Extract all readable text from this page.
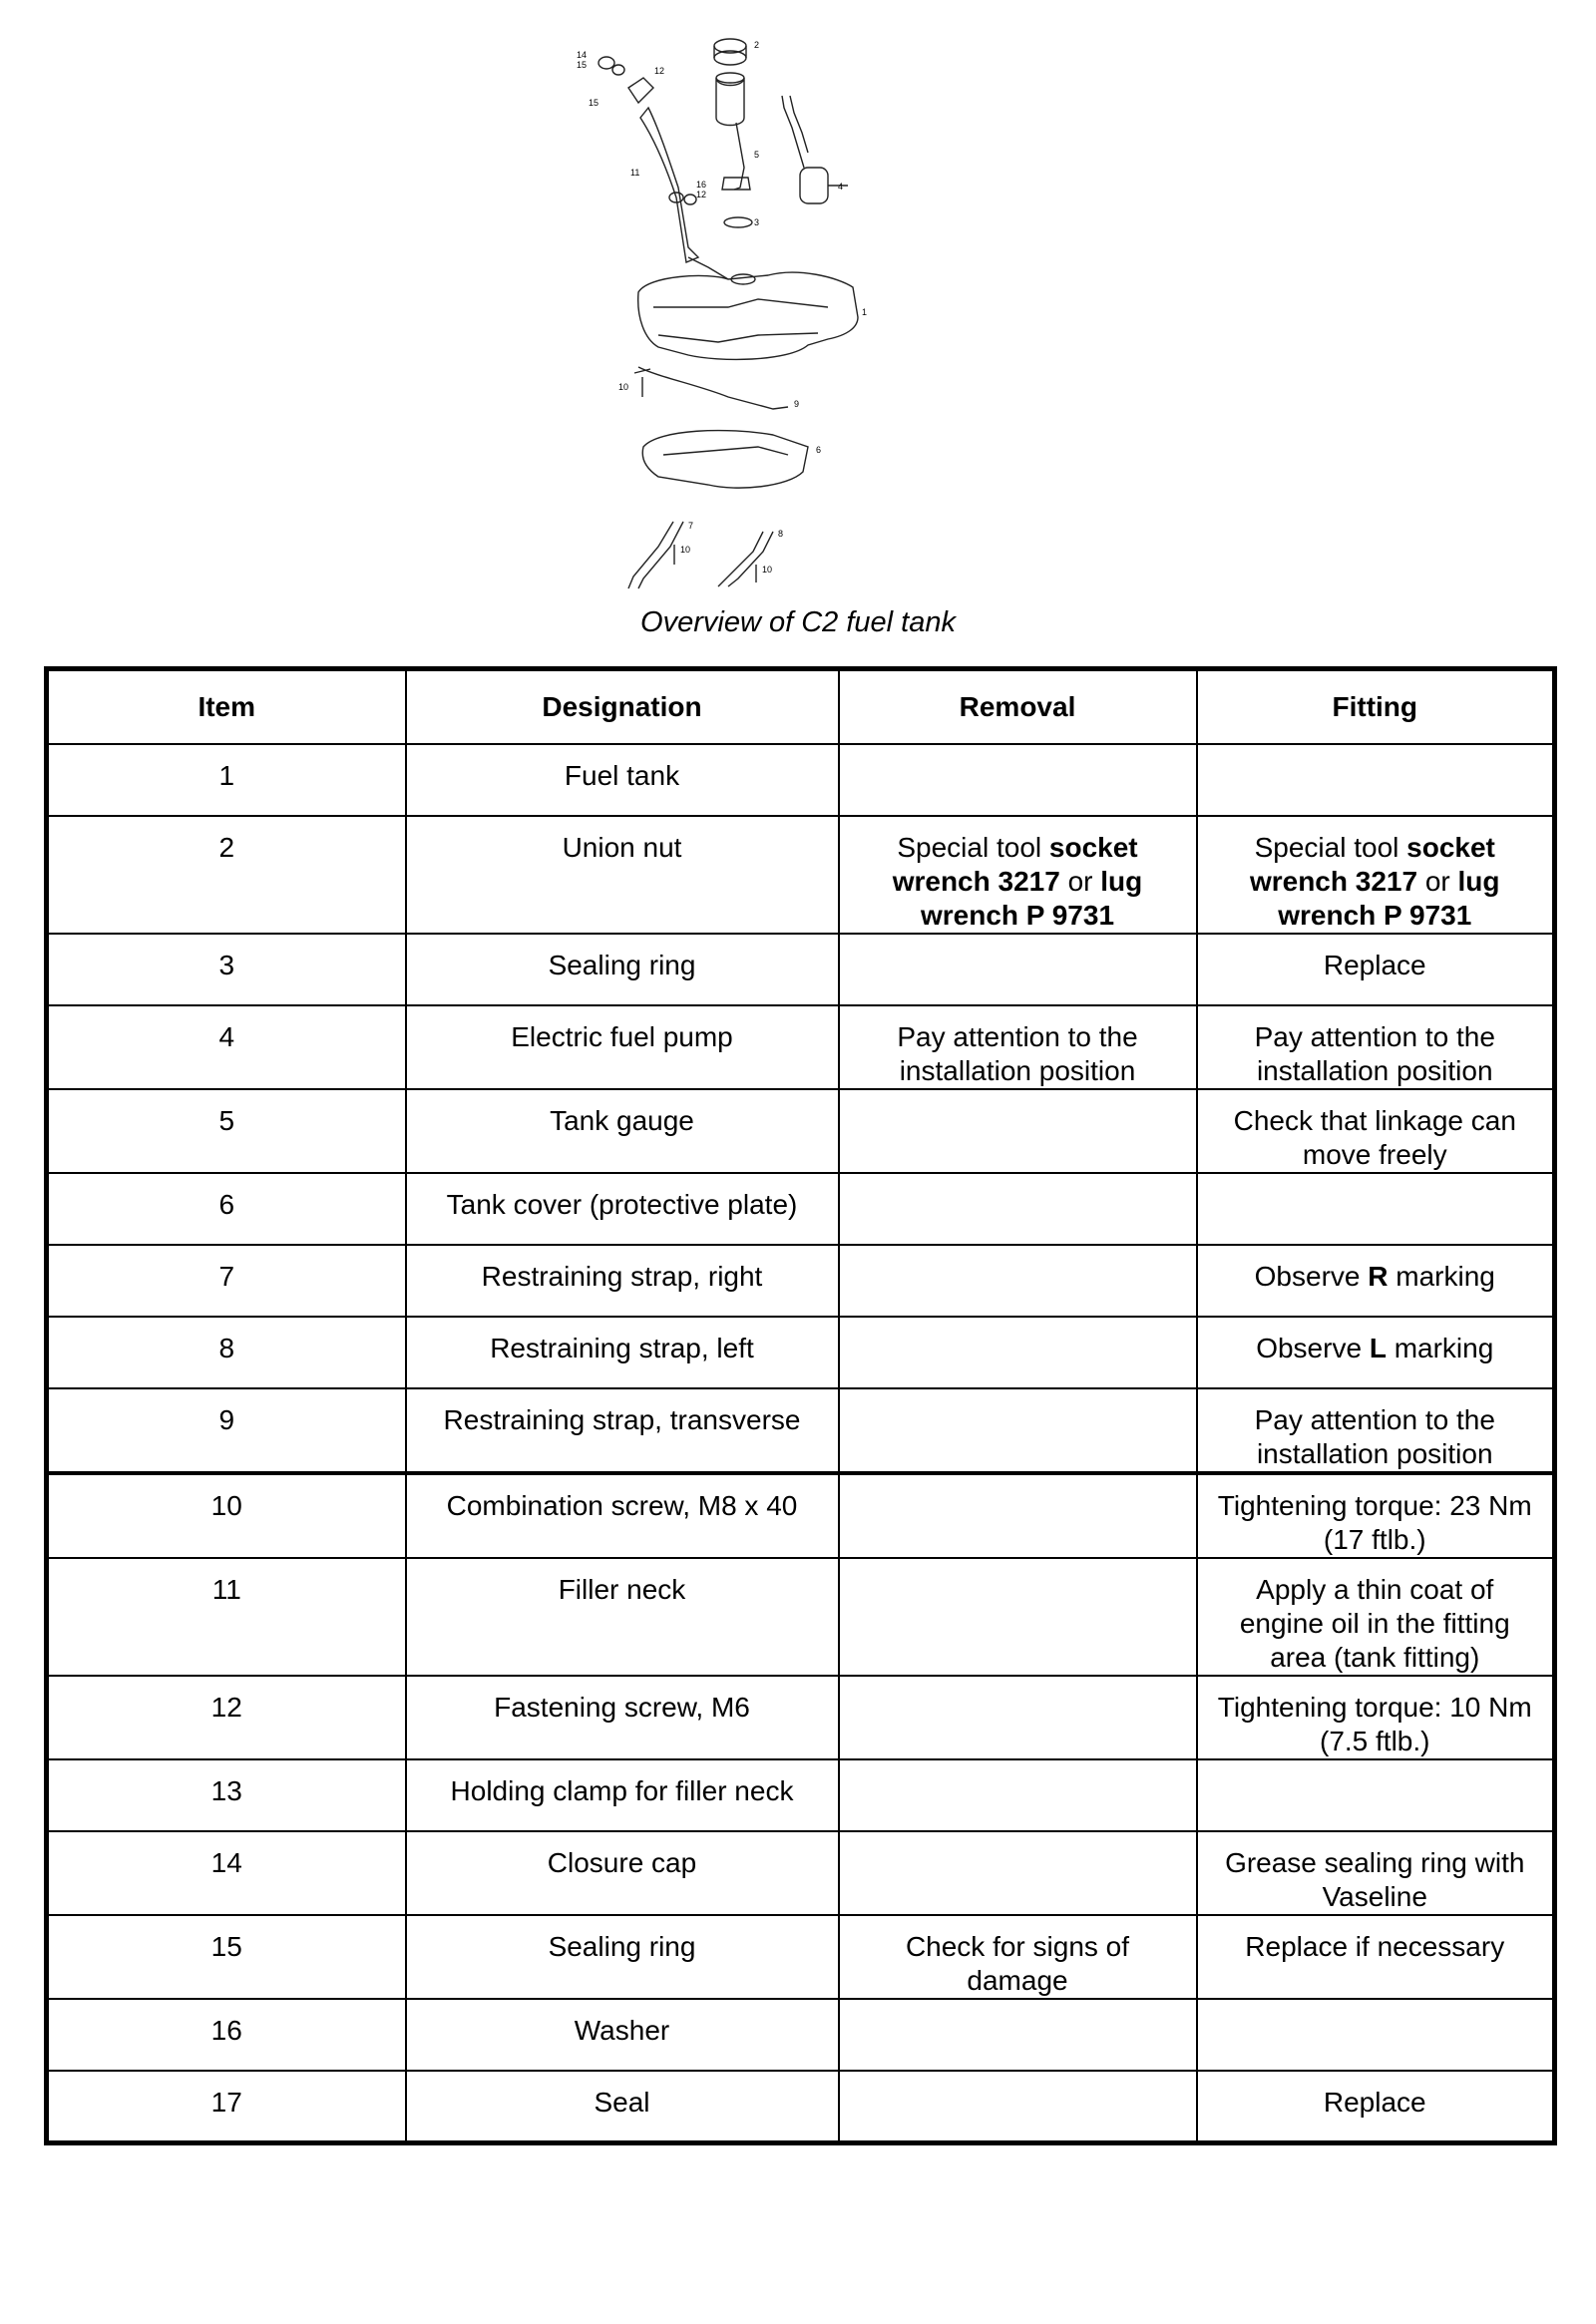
14
15
12
15
11
16
12
2
5
3
4
1
10
9
6
7
10
8
10
Overview of C2 fuel tank
Item	Designation	Removal	Fitting
1	Fuel tank		
2	Union nut	Special tool socket wrench 3217 or lug wrench P 9731	Special tool socket wrench 3217 or lug wrench P 9731
3	Sealing ring		Replace
4	Electric fuel pump	Pay attention to the installation position	Pay attention to the installation position
5	Tank gauge		Check that linkage can move freely
6	Tank cover (protective plate)		
7	Restraining strap, right		Observe R marking
8	Restraining strap, left		Observe L marking
9	Restraining strap, transverse		Pay attention to the installation position
10	Combination screw, M8 x 40		Tightening torque: 23 Nm (17 ftlb.)
11	Filler neck		Apply a thin coat of engine oil in the fitting area (tank fitting)
12	Fastening screw, M6		Tightening torque: 10 Nm (7.5 ftlb.)
13	Holding clamp for filler neck		
14	Closure cap		Grease sealing ring with Vaseline
15	Sealing ring	Check for signs of damage	Replace if necessary
16	Washer		
17	Seal		Replace
